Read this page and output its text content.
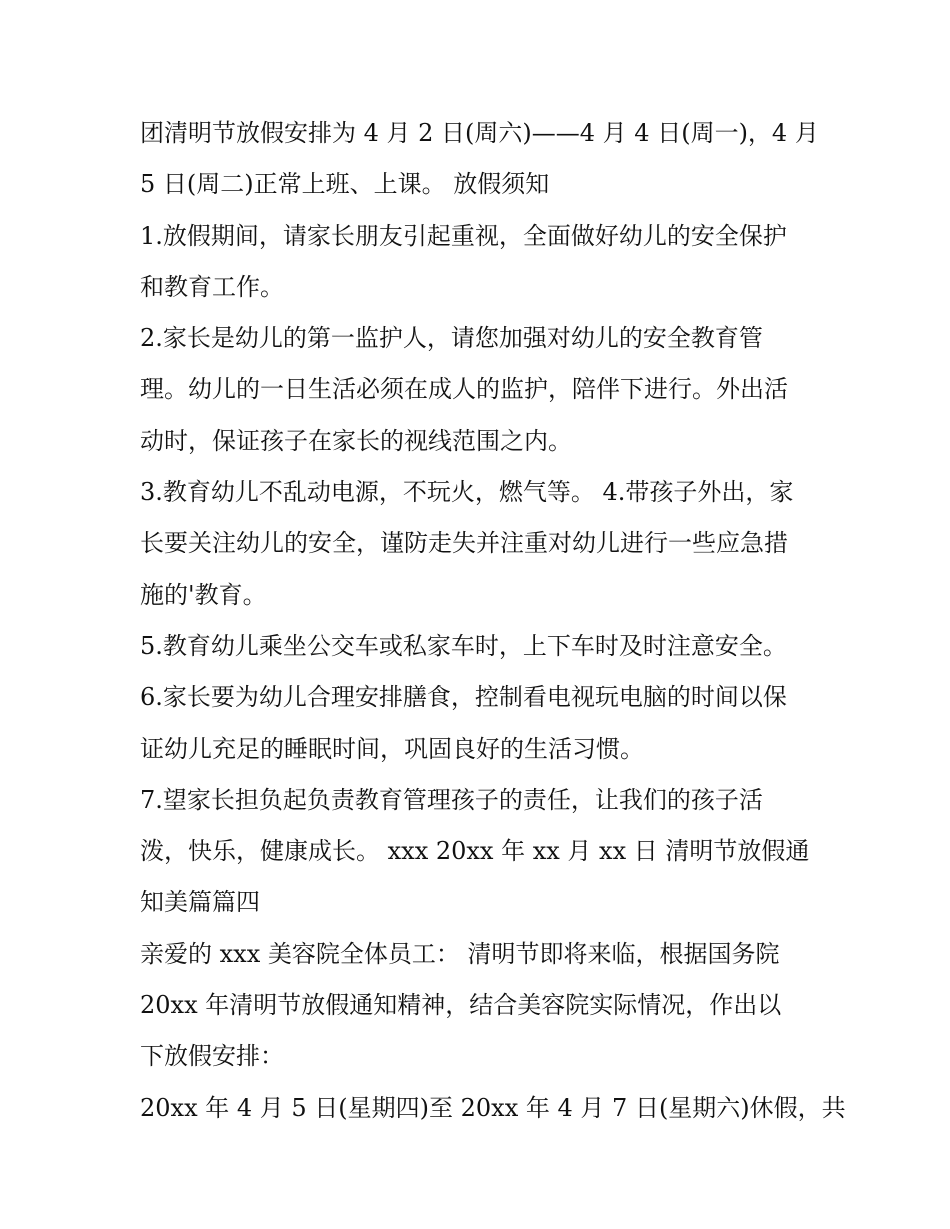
团清明节放假安排为 4 月 2 日(周六)——4 月 4 日(周一)，4 月
5 日(周二)正常上班、上课。 放假须知
1.放假期间，请家长朋友引起重视，全面做好幼儿的安全保护
和教育工作。
2.家长是幼儿的第一监护人，请您加强对幼儿的安全教育管
理。幼儿的一日生活必须在成人的监护，陪伴下进行。外出活
动时，保证孩子在家长的视线范围之内。
3.教育幼儿不乱动电源，不玩火，燃气等。 4.带孩子外出，家
长要关注幼儿的安全，谨防走失并注重对幼儿进行一些应急措
施的'教育。
5.教育幼儿乘坐公交车或私家车时，上下车时及时注意安全。
6.家长要为幼儿合理安排膳食，控制看电视玩电脑的时间以保
证幼儿充足的睡眠时间，巩固良好的生活习惯。
7.望家长担负起负责教育管理孩子的责任，让我们的孩子活
泼，快乐，健康成长。 xxx 20xx 年 xx 月 xx 日 清明节放假通
知美篇篇四
亲爱的 xxx 美容院全体员工： 清明节即将来临，根据国务院
20xx 年清明节放假通知精神，结合美容院实际情况，作出以
下放假安排：
20xx 年 4 月 5 日(星期四)至 20xx 年 4 月 7 日(星期六)休假，共
